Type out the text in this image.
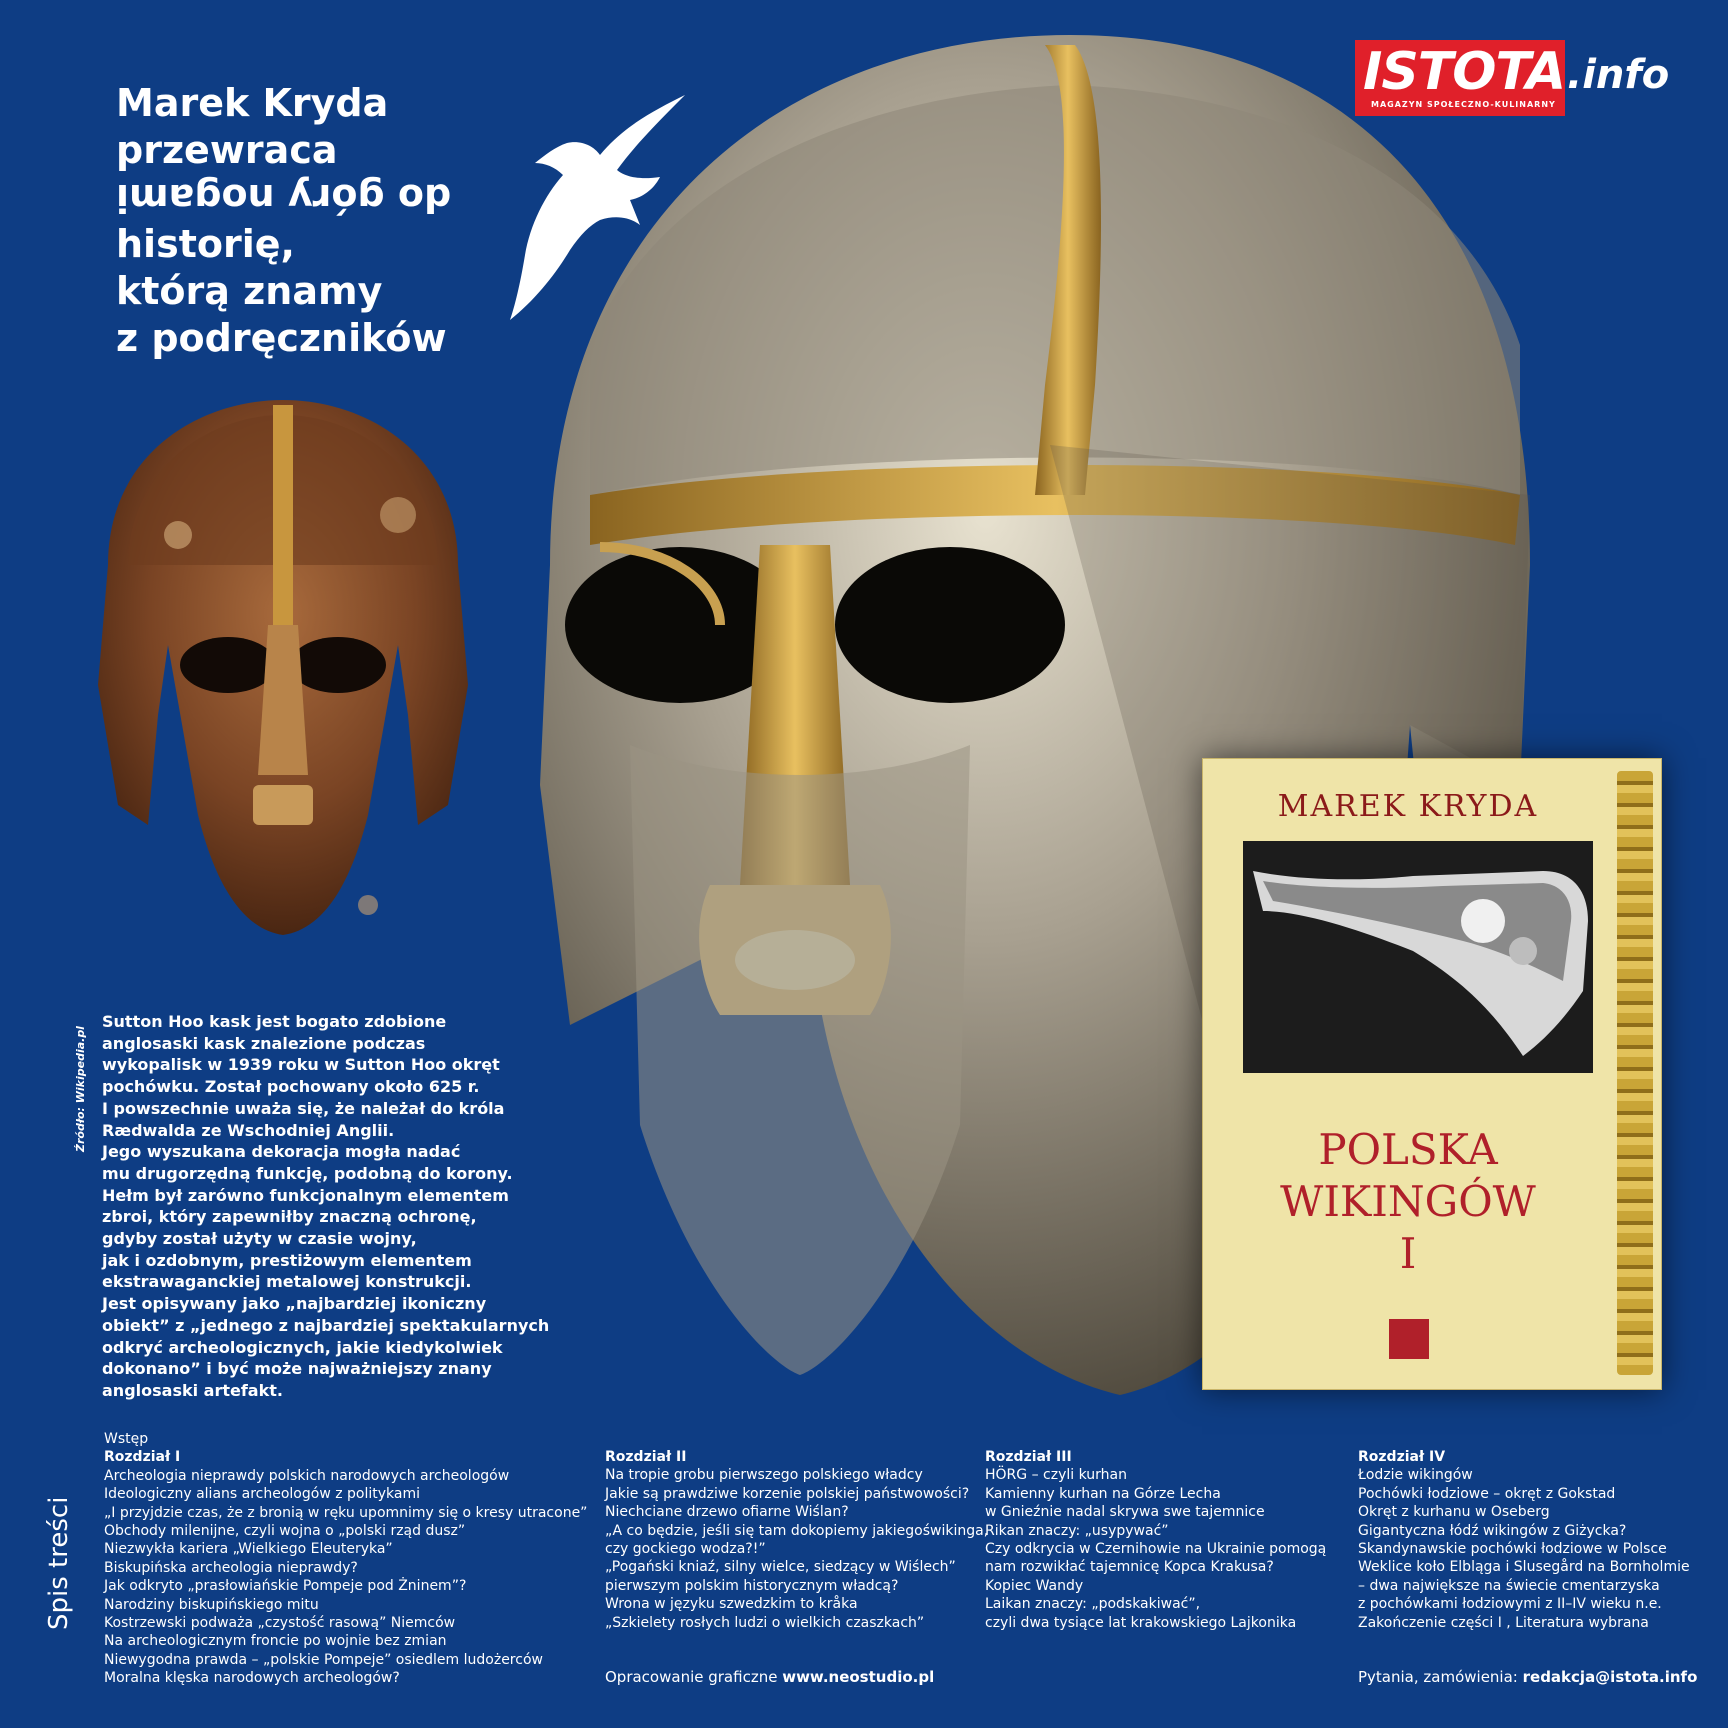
Marek Kryda
przewraca
do góry nogami
historię,
którą znamy
z podręczników
ISTOTA
MAGAZYN SPOŁECZNO-KULINARNY
.info
MAREK KRYDA
POLSKA
WIKINGÓW
I
Źródło: Wikipedia.pl
Sutton Hoo kask jest bogato zdobione
anglosaski kask znalezione podczas
wykopalisk w 1939 roku w Sutton Hoo okręt
pochówku. Został pochowany około 625 r.
I powszechnie uważa się, że należał do króla
Rædwalda ze Wschodniej Anglii.
Jego wyszukana dekoracja mogła nadać
mu drugorzędną funkcję, podobną do korony.
Hełm był zarówno funkcjonalnym elementem
zbroi, który zapewniłby znaczną ochronę,
gdyby został użyty w czasie wojny,
jak i ozdobnym, prestiżowym elementem
ekstrawaganckiej metalowej konstrukcji.
Jest opisywany jako „najbardziej ikoniczny
obiekt” z „jednego z najbardziej spektakularnych
odkryć archeologicznych, jakie kiedykolwiek
dokonano” i być może najważniejszy znany
anglosaski artefakt.
Spis treści
Wstęp
Rozdział I
Archeologia nieprawdy polskich narodowych archeologów
Ideologiczny alians archeologów z politykami
„I przyjdzie czas, że z bronią w ręku upomnimy się o kresy utracone”
Obchody milenijne, czyli wojna o „polski rząd dusz”
Niezwykła kariera „Wielkiego Eleuteryka”
Biskupińska archeologia nieprawdy?
Jak odkryto „prasłowiańskie Pompeje pod Żninem”?
Narodziny biskupińskiego mitu
Kostrzewski podważa „czystość rasową” Niemców
Na archeologicznym froncie po wojnie bez zmian
Niewygodna prawda – „polskie Pompeje” osiedlem ludożerców
Moralna klęska narodowych archeologów?
Rozdział II
Na tropie grobu pierwszego polskiego władcy
Jakie są prawdziwe korzenie polskiej państwowości?
Niechciane drzewo ofiarne Wiślan?
„A co będzie, jeśli się tam dokopiemy jakiegoświkinga,
czy gockiego wodza?!”
„Pogański kniaź, silny wielce, siedzący w Wiślech”
pierwszym polskim historycznym władcą?
Wrona w języku szwedzkim to kråka
„Szkielety rosłych ludzi o wielkich czaszkach”
Rozdział III
HÖRG – czyli kurhan
Kamienny kurhan na Górze Lecha
w Gnieźnie nadal skrywa swe tajemnice
Rikan znaczy: „usypywać”
Czy odkrycia w Czernihowie na Ukrainie pomogą
nam rozwikłać tajemnicę Kopca Krakusa?
Kopiec Wandy
Laikan znaczy: „podskakiwać”,
czyli dwa tysiące lat krakowskiego Lajkonika
Rozdział IV
Łodzie wikingów
Pochówki łodziowe – okręt z Gokstad
Okręt z kurhanu w Oseberg
Gigantyczna łódź wikingów z Giżycka?
Skandynawskie pochówki łodziowe w Polsce
Weklice koło Elbląga i Slusegård na Bornholmie
– dwa największe na świecie cmentarzyska
z pochówkami łodziowymi z II–IV wieku n.e.
Zakończenie części I , Literatura wybrana
Opracowanie graficzne www.neostudio.pl	Pytania, zamówienia: redakcja@istota.info
